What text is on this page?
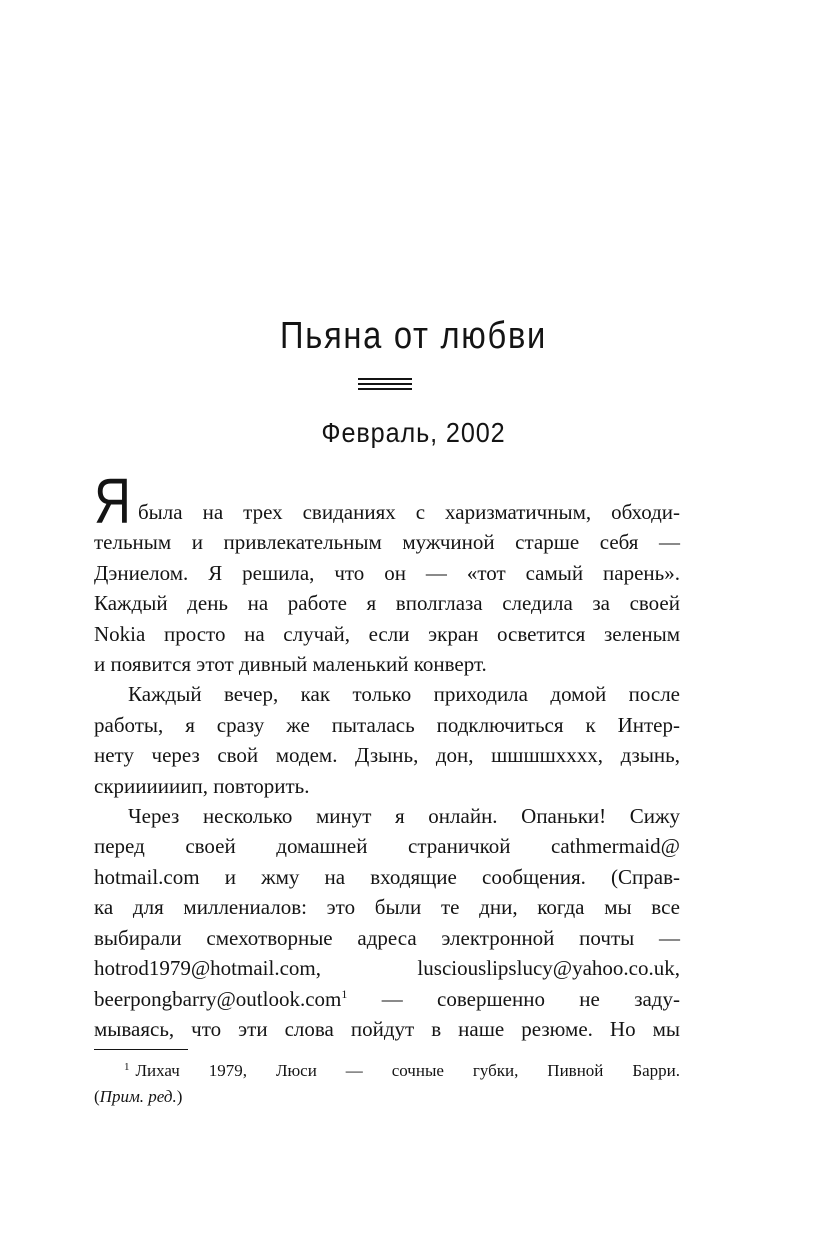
Пьяна от любви
Февраль, 2002

Я была на трех свиданиях с харизматичным, обходи-
тельным и привлекательным мужчиной старше себя —
Дэниелом. Я решила, что он — «тот самый парень».
Каждый день на работе я вполглаза следила за своей
Nokia просто на случай, если экран осветится зеленым
и появится этот дивный маленький конверт.

Каждый вечер, как только приходила домой после
работы, я сразу же пыталась подключиться к Интер-
нету через свой модем. Дзынь, дон, шшшшхххх, дзынь,
скриииииип, повторить.

Через несколько минут я онлайн. Опаньки! Сижу
перед своей домашней страничкой cathmermaid@
hotmail.com и жму на входящие сообщения. (Справ-
ка для миллениалов: это были те дни, когда мы все
выбирали смехотворные адреса электронной почты —
hotrod1979@hotmail.com, lusciouslipslucy@yahoo.co.uk,
beerpongbarry@outlook.com$^1$ — совершенно не заду-
мываясь, что эти слова пойдут в наше резюме. Но мы

$^1$ Лихач 1979, Люси — сочные губки, Пивной Барри.
(Прим. ред.)
